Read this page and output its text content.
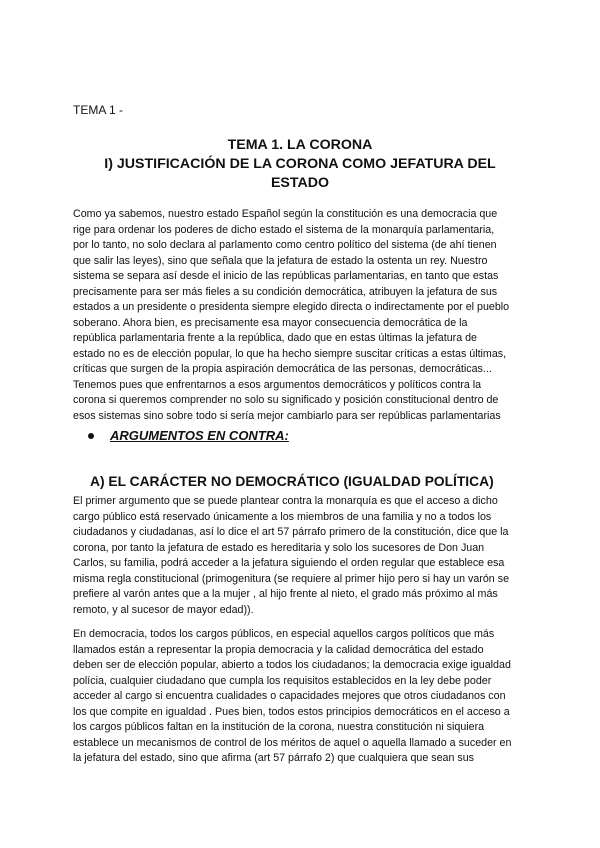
TEMA 1 -
TEMA 1. LA CORONA
I) JUSTIFICACIÓN DE LA CORONA COMO JEFATURA DEL
ESTADO
Como ya sabemos, nuestro estado Español según la constitución es una democracia que
rige para ordenar los poderes de dicho estado el sistema de la monarquía parlamentaria,
por lo tanto, no solo declara al parlamento como centro político del sistema (de ahí tienen
que salir las leyes), sino que señala que la jefatura de estado la ostenta un rey. Nuestro
sistema se separa así desde el inicio de las repúblicas parlamentarias, en tanto que estas
precisamente para ser más fieles a su condición democrática, atribuyen la jefatura de sus
estados a un presidente o presidenta siempre elegido directa o indirectamente por el pueblo
soberano. Ahora bien, es precisamente esa mayor consecuencia democrática de la
república parlamentaria frente a la república, dado que en estas últimas la jefatura de
estado no es de elección popular, lo que ha hecho siempre suscitar críticas a estas últimas,
críticas que surgen de la propia aspiración democrática de las personas, democráticas...
Tenemos pues que enfrentarnos a esos argumentos democráticos y políticos contra la
corona si queremos comprender no solo su significado y posición constitucional dentro de
esos sistemas sino sobre todo si sería mejor cambiarlo para ser repúblicas parlamentarias
ARGUMENTOS EN CONTRA:
A) EL CARÁCTER NO DEMOCRÁTICO (IGUALDAD POLÍTICA)
El primer argumento que se puede plantear contra la monarquía es que el acceso a dicho
cargo público está reservado únicamente a los miembros de una familia y no a todos los
ciudadanos y ciudadanas, así lo dice el art 57 párrafo primero de la constitución, dice que la
corona, por tanto la jefatura de estado es hereditaria y solo los sucesores de Don Juan
Carlos, su familia, podrá acceder a la jefatura siguiendo el orden regular que establece esa
misma regla constitucional (primogenitura (se requiere al primer hijo pero si hay un varón se
prefiere al varón antes que a la mujer , al hijo frente al nieto, el grado más próximo al más
remoto, y al sucesor de mayor edad)).
En democracia, todos los cargos públicos, en especial aquellos cargos políticos que más
llamados están a representar la propia democracia y la calidad democrática del estado
deben ser de elección popular, abierto a todos los ciudadanos; la democracia exige igualdad
polícia, cualquier ciudadano que cumpla los requisitos establecidos en la ley debe poder
acceder al cargo si encuentra cualidades o capacidades mejores que otros ciudadanos con
los que compite en igualdad . Pues bien, todos estos principios democráticos en el acceso a
los cargos públicos faltan en la institución de la corona, nuestra constitución ni siquiera
establece un mecanismos de control de los méritos de aquel o aquella llamado a suceder en
la jefatura del estado, sino que afirma (art 57 párrafo 2) que cualquiera que sean sus
